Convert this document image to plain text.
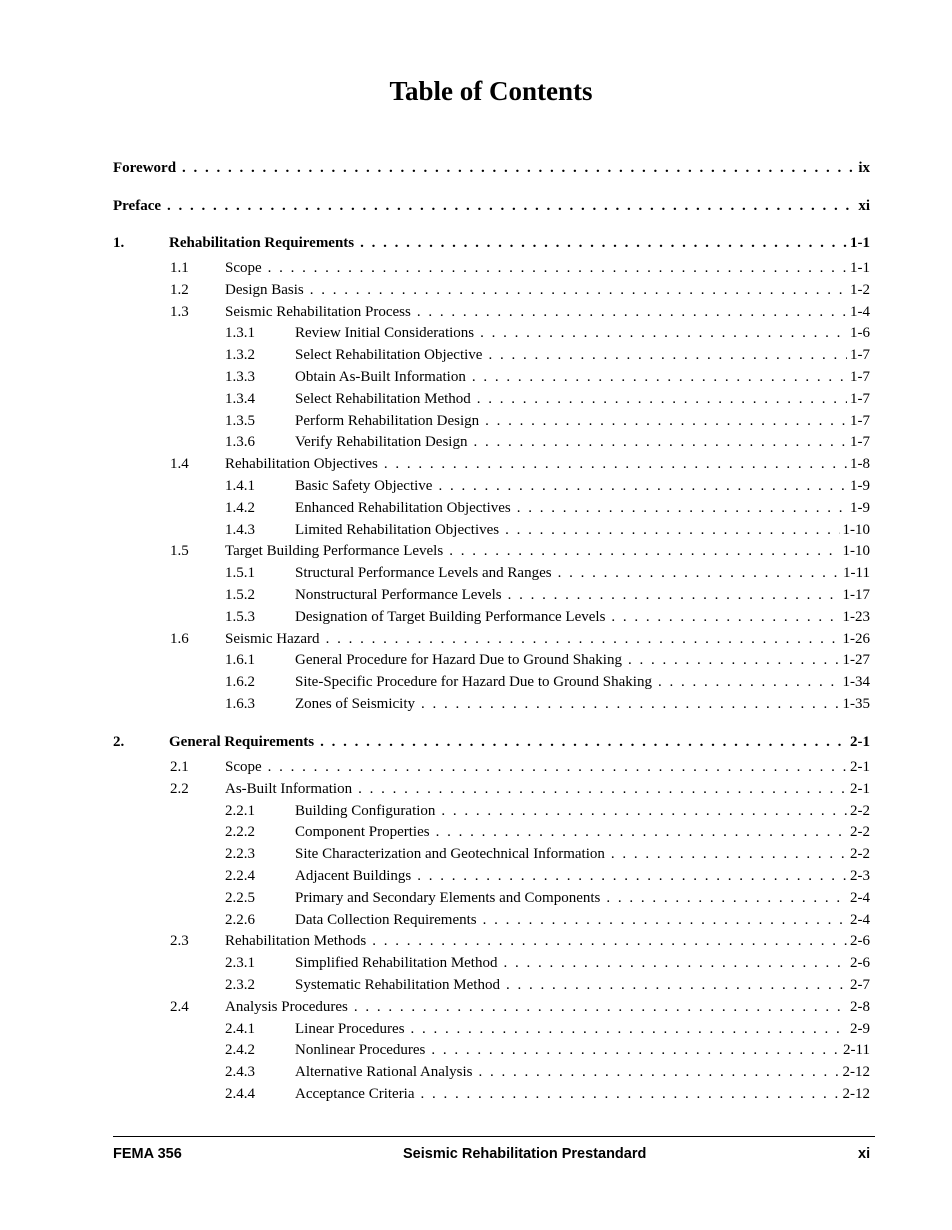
Table of Contents
Foreword . . .	ix
Preface . . .	xi
1.	Rehabilitation Requirements . . .	1-1
1.1	Scope . . .	1-1
1.2	Design Basis . . .	1-2
1.3	Seismic Rehabilitation Process . . .	1-4
1.3.1	Review Initial Considerations . . .	1-6
1.3.2	Select Rehabilitation Objective . . .	1-7
1.3.3	Obtain As-Built Information . . .	1-7
1.3.4	Select Rehabilitation Method . . .	1-7
1.3.5	Perform Rehabilitation Design . . .	1-7
1.3.6	Verify Rehabilitation Design . . .	1-7
1.4	Rehabilitation Objectives . . .	1-8
1.4.1	Basic Safety Objective . . .	1-9
1.4.2	Enhanced Rehabilitation Objectives . . .	1-9
1.4.3	Limited Rehabilitation Objectives . . .	1-10
1.5	Target Building Performance Levels . . .	1-10
1.5.1	Structural Performance Levels and Ranges . . .	1-11
1.5.2	Nonstructural Performance Levels . . .	1-17
1.5.3	Designation of Target Building Performance Levels . . .	1-23
1.6	Seismic Hazard . . .	1-26
1.6.1	General Procedure for Hazard Due to Ground Shaking . . .	1-27
1.6.2	Site-Specific Procedure for Hazard Due to Ground Shaking . . .	1-34
1.6.3	Zones of Seismicity . . .	1-35
2.	General Requirements . . .	2-1
2.1	Scope . . .	2-1
2.2	As-Built Information . . .	2-1
2.2.1	Building Configuration . . .	2-2
2.2.2	Component Properties . . .	2-2
2.2.3	Site Characterization and Geotechnical Information . . .	2-2
2.2.4	Adjacent Buildings . . .	2-3
2.2.5	Primary and Secondary Elements and Components . . .	2-4
2.2.6	Data Collection Requirements . . .	2-4
2.3	Rehabilitation Methods . . .	2-6
2.3.1	Simplified Rehabilitation Method . . .	2-6
2.3.2	Systematic Rehabilitation Method . . .	2-7
2.4	Analysis Procedures . . .	2-8
2.4.1	Linear Procedures . . .	2-9
2.4.2	Nonlinear Procedures . . .	2-11
2.4.3	Alternative Rational Analysis . . .	2-12
2.4.4	Acceptance Criteria . . .	2-12
FEMA 356	Seismic Rehabilitation Prestandard	xi
